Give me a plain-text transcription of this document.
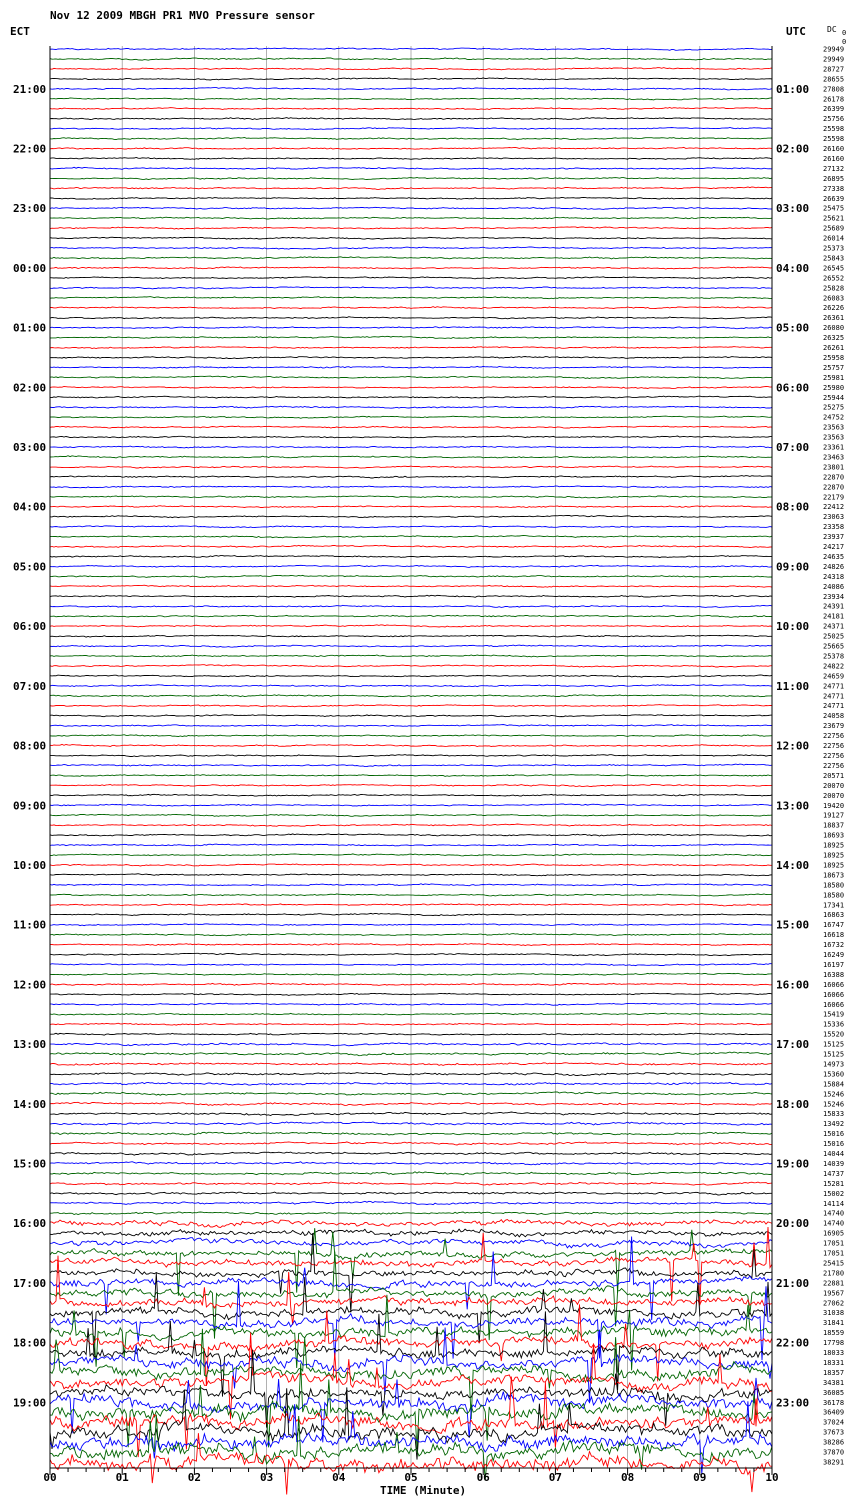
Nov 12 2009 MBGH PR1 MVO Pressure sensor
ECT	UTC	DC 0
0
TIME (Minute)
29949
29949
28727
28655
27808
26178
26399
25756
25598
25598
26160
26160
27132
26895
27338
26639
25475
25621
25689
26014
25373
25843
26545
26552
25828
26083
26226
26361
26080
26325
26261
25958
25757
25981
25980
25944
25275
24752
23563
23563
23361
23463
23801
22870
22870
22179
22412
23063
23358
23937
24217
24635
24826
24318
24086
23934
24391
24181
24371
25025
25665
25378
24822
24659
24771
24771
24771
24058
23679
22756
22756
22756
22756
20571
20070
20070
19420
19127
18837
18693
18925
18925
18925
18673
18580
18580
17341
16863
16747
16618
16732
16249
16197
16388
16066
16066
16066
15419
15336
15520
15125
15125
14973
15360
15884
15246
15246
15833
13492
15016
15016
14044
14039
14737
15281
15002
14114
14740
14740
16905
17051
17051
25415
21780
22881
19567
27062
31038
31841
18559
17798
18033
18331
18357
34381
36085
36178
36409
37024
37673
38286
37870
38291
00	01	02	03	04	05	06	07	08	09	10
21:00
22:00
23:00
00:00
01:00
02:00
03:00
04:00
05:00
06:00
07:00
08:00
09:00
10:00
11:00
12:00
13:00
14:00
15:00
16:00
17:00
18:00
19:00
01:00
02:00
03:00
04:00
05:00
06:00
07:00
08:00
09:00
10:00
11:00
12:00
13:00
14:00
15:00
16:00
17:00
18:00
19:00
20:00
21:00
22:00
23:00
